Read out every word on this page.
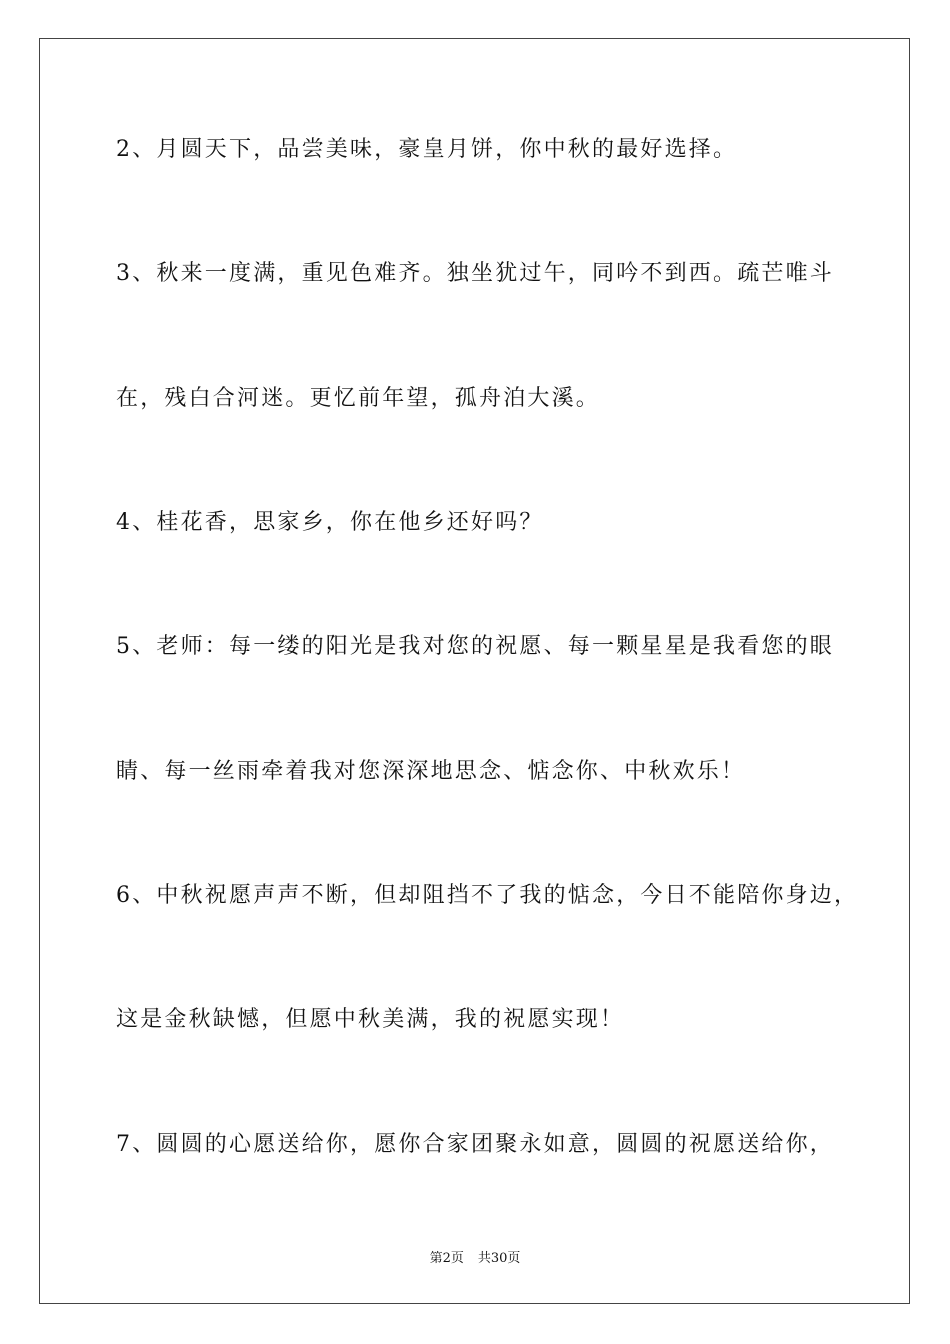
2、月圆天下，品尝美味，豪皇月饼，你中秋的最好选择。
3、秋来一度满，重见色难齐。独坐犹过午，同吟不到西。疏芒唯斗
在，残白合河迷。更忆前年望，孤舟泊大溪。
4、桂花香，思家乡，你在他乡还好吗？
5、老师：每一缕的阳光是我对您的祝愿、每一颗星星是我看您的眼
睛、每一丝雨牵着我对您深深地思念、惦念你、中秋欢乐！
6、中秋祝愿声声不断，但却阻挡不了我的惦念，今日不能陪你身边，
这是金秋缺憾，但愿中秋美满，我的祝愿实现！
7、圆圆的心愿送给你，愿你合家团聚永如意，圆圆的祝愿送给你，
第2页 共30页
